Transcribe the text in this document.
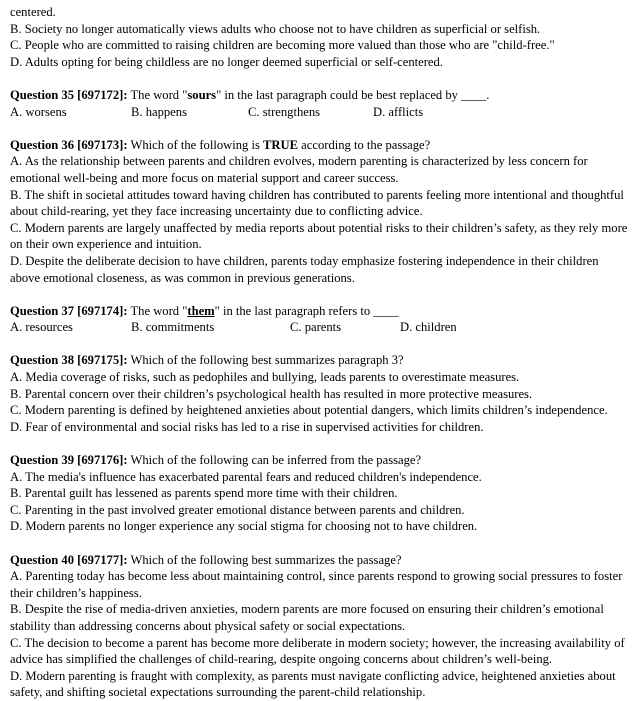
centered.
B. Society no longer automatically views adults who choose not to have children as superficial or selfish.
C. People who are committed to raising children are becoming more valued than those who are "child-free."
D. Adults opting for being childless are no longer deemed superficial or self-centered.
Question 35 [697172]: The word "sours" in the last paragraph could be best replaced by ____.
A. worsens	B. happens	C. strengthens	D. afflicts
Question 36 [697173]: Which of the following is TRUE according to the passage?
A. As the relationship between parents and children evolves, modern parenting is characterized by less concern for emotional well-being and more focus on material support and career success.
B. The shift in societal attitudes toward having children has contributed to parents feeling more intentional and thoughtful about child-rearing, yet they face increasing uncertainty due to conflicting advice.
C. Modern parents are largely unaffected by media reports about potential risks to their children’s safety, as they rely more on their own experience and intuition.
D. Despite the deliberate decision to have children, parents today emphasize fostering independence in their children above emotional closeness, as was common in previous generations.
Question 37 [697174]: The word "them" in the last paragraph refers to ____
A. resources	B. commitments	C. parents	D. children
Question 38 [697175]: Which of the following best summarizes paragraph 3?
A. Media coverage of risks, such as pedophiles and bullying, leads parents to overestimate measures.
B. Parental concern over their children’s psychological health has resulted in more protective measures.
C. Modern parenting is defined by heightened anxieties about potential dangers, which limits children’s independence.
D. Fear of environmental and social risks has led to a rise in supervised activities for children.
Question 39 [697176]: Which of the following can be inferred from the passage?
A. The media's influence has exacerbated parental fears and reduced children's independence.
B. Parental guilt has lessened as parents spend more time with their children.
C. Parenting in the past involved greater emotional distance between parents and children.
D. Modern parents no longer experience any social stigma for choosing not to have children.
Question 40 [697177]: Which of the following best summarizes the passage?
A. Parenting today has become less about maintaining control, since parents respond to growing social pressures to foster their children’s happiness.
B. Despite the rise of media-driven anxieties, modern parents are more focused on ensuring their children’s emotional stability than addressing concerns about physical safety or social expectations.
C. The decision to become a parent has become more deliberate in modern society; however, the increasing availability of advice has simplified the challenges of child-rearing, despite ongoing concerns about children’s well-being.
D. Modern parenting is fraught with complexity, as parents must navigate conflicting advice, heightened anxieties about safety, and shifting societal expectations surrounding the parent-child relationship.
